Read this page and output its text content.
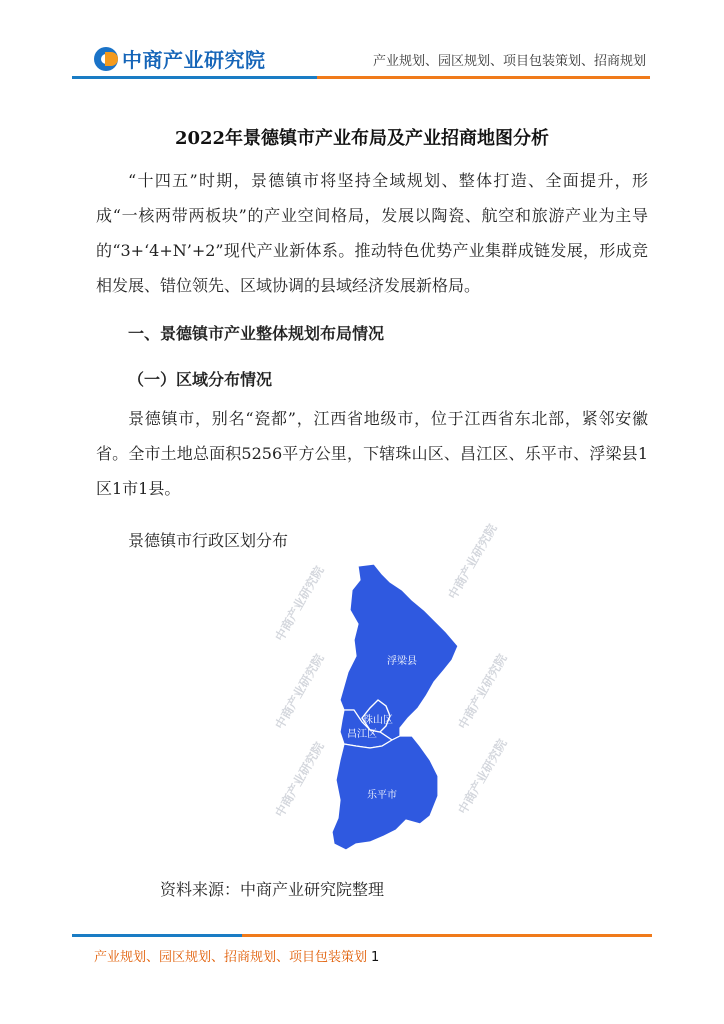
中商产业研究院	产业规划、园区规划、项目包装策划、招商规划
2022年景德镇市产业布局及产业招商地图分析
“十四五”时期，景德镇市将坚持全域规划、整体打造、全面提升，形成“一核两带两板块”的产业空间格局，发展以陶瓷、航空和旅游产业为主导的“3+‘4+N’+2”现代产业新体系。推动特色优势产业集群成链发展，形成竞相发展、错位领先、区域协调的县域经济发展新格局。
一、景德镇市产业整体规划布局情况
（一）区域分布情况
景德镇市，别名“瓷都”，江西省地级市，位于江西省东北部，紧邻安徽省。全市土地总面积5256平方公里，下辖珠山区、昌江区、乐平市、浮梁县1区1市1县。
景德镇市行政区划分布
中商产业研究院
中商产业研究院
中商产业研究院
中商产业研究院
中商产业研究院
中商产业研究院
浮梁县
珠山区
昌江区
乐平市
资料来源：中商产业研究院整理
产业规划、园区规划、招商规划、项目包装策划 1
